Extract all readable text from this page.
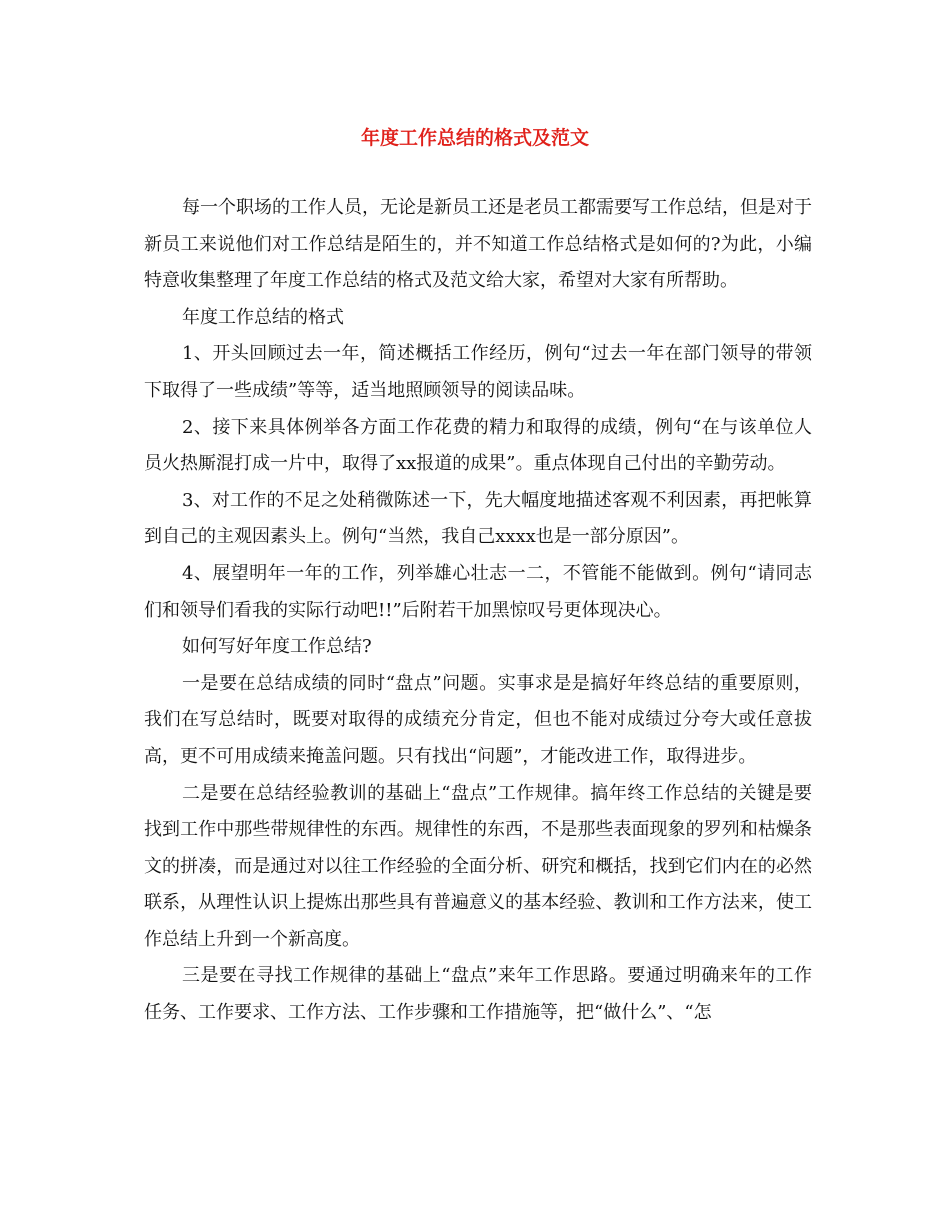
年度工作总结的格式及范文

每一个职场的工作人员，无论是新员工还是老员工都需要写工作总结，但是对于新员工来说他们对工作总结是陌生的，并不知道工作总结格式是如何的?为此，小编特意收集整理了年度工作总结的格式及范文给大家，希望对大家有所帮助。

年度工作总结的格式

1、开头回顾过去一年，简述概括工作经历，例句“过去一年在部门领导的带领下取得了一些成绩”等等，适当地照顾领导的阅读品味。

2、接下来具体例举各方面工作花费的精力和取得的成绩，例句“在与该单位人员火热厮混打成一片中，取得了xx报道的成果”。重点体现自己付出的辛勤劳动。

3、对工作的不足之处稍微陈述一下，先大幅度地描述客观不利因素，再把帐算到自己的主观因素头上。例句“当然，我自己xxxx也是一部分原因”。

4、展望明年一年的工作，列举雄心壮志一二，不管能不能做到。例句“请同志们和领导们看我的实际行动吧!!”后附若干加黑惊叹号更体现决心。

如何写好年度工作总结?

一是要在总结成绩的同时“盘点”问题。实事求是是搞好年终总结的重要原则，我们在写总结时，既要对取得的成绩充分肯定，但也不能对成绩过分夸大或任意拔高，更不可用成绩来掩盖问题。只有找出“问题”，才能改进工作，取得进步。

二是要在总结经验教训的基础上“盘点”工作规律。搞年终工作总结的关键是要找到工作中那些带规律性的东西。规律性的东西，不是那些表面现象的罗列和枯燥条文的拼凑，而是通过对以往工作经验的全面分析、研究和概括，找到它们内在的必然联系，从理性认识上提炼出那些具有普遍意义的基本经验、教训和工作方法来，使工作总结上升到一个新高度。

三是要在寻找工作规律的基础上“盘点”来年工作思路。要通过明确来年的工作任务、工作要求、工作方法、工作步骤和工作措施等，把“做什么”、“怎
